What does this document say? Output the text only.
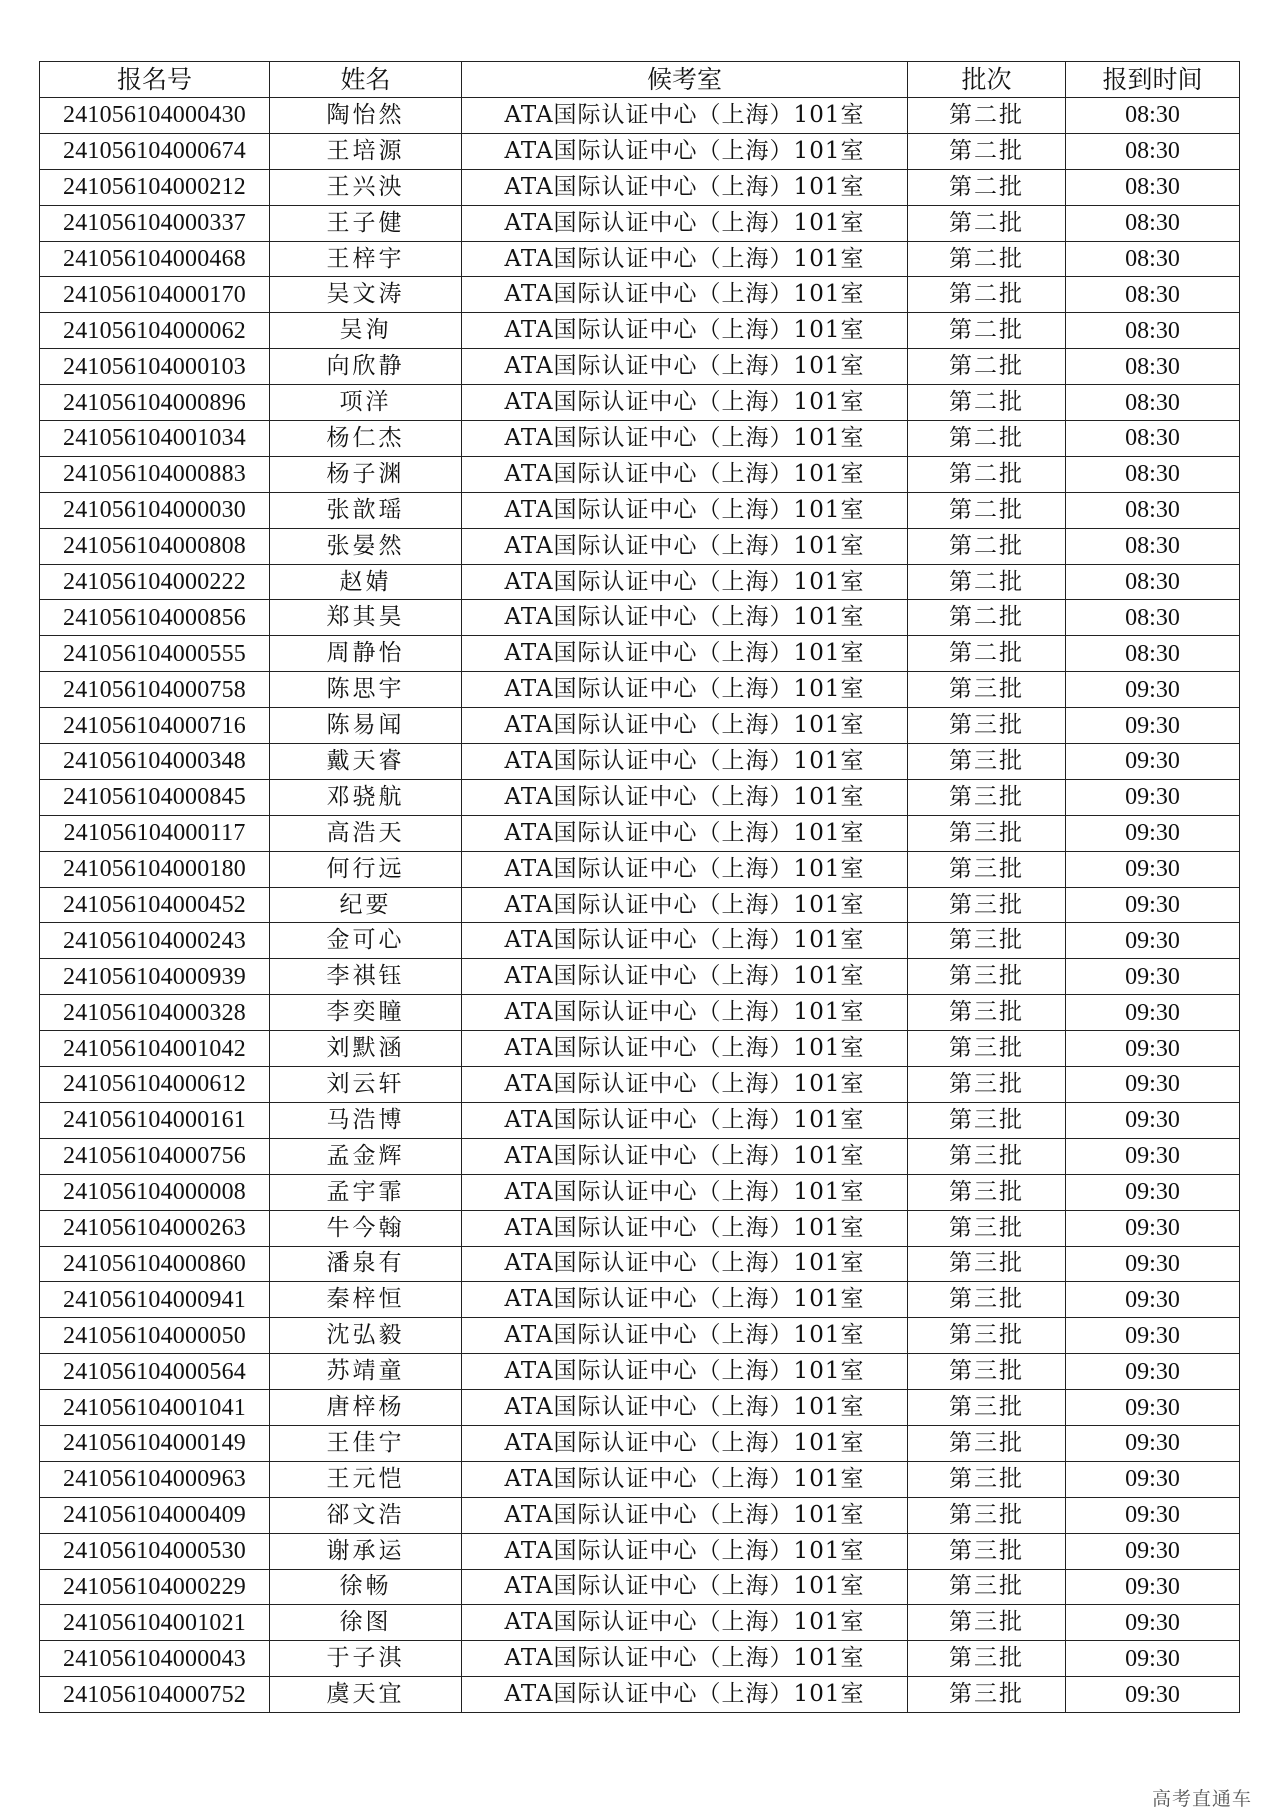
报名号	姓名	候考室	批次	报到时间
241056104000430	陶怡然	ATA国际认证中心（上海）101室	第二批	08:30
241056104000674	王培源	ATA国际认证中心（上海）101室	第二批	08:30
241056104000212	王兴泱	ATA国际认证中心（上海）101室	第二批	08:30
241056104000337	王子健	ATA国际认证中心（上海）101室	第二批	08:30
241056104000468	王梓宇	ATA国际认证中心（上海）101室	第二批	08:30
241056104000170	吴文涛	ATA国际认证中心（上海）101室	第二批	08:30
241056104000062	吴洵	ATA国际认证中心（上海）101室	第二批	08:30
241056104000103	向欣静	ATA国际认证中心（上海）101室	第二批	08:30
241056104000896	项洋	ATA国际认证中心（上海）101室	第二批	08:30
241056104001034	杨仁杰	ATA国际认证中心（上海）101室	第二批	08:30
241056104000883	杨子渊	ATA国际认证中心（上海）101室	第二批	08:30
241056104000030	张歆瑶	ATA国际认证中心（上海）101室	第二批	08:30
241056104000808	张晏然	ATA国际认证中心（上海）101室	第二批	08:30
241056104000222	赵婧	ATA国际认证中心（上海）101室	第二批	08:30
241056104000856	郑其昊	ATA国际认证中心（上海）101室	第二批	08:30
241056104000555	周静怡	ATA国际认证中心（上海）101室	第二批	08:30
241056104000758	陈思宇	ATA国际认证中心（上海）101室	第三批	09:30
241056104000716	陈易闻	ATA国际认证中心（上海）101室	第三批	09:30
241056104000348	戴天睿	ATA国际认证中心（上海）101室	第三批	09:30
241056104000845	邓骁航	ATA国际认证中心（上海）101室	第三批	09:30
241056104000117	高浩天	ATA国际认证中心（上海）101室	第三批	09:30
241056104000180	何行远	ATA国际认证中心（上海）101室	第三批	09:30
241056104000452	纪要	ATA国际认证中心（上海）101室	第三批	09:30
241056104000243	金可心	ATA国际认证中心（上海）101室	第三批	09:30
241056104000939	李祺钰	ATA国际认证中心（上海）101室	第三批	09:30
241056104000328	李奕瞳	ATA国际认证中心（上海）101室	第三批	09:30
241056104001042	刘默涵	ATA国际认证中心（上海）101室	第三批	09:30
241056104000612	刘云轩	ATA国际认证中心（上海）101室	第三批	09:30
241056104000161	马浩博	ATA国际认证中心（上海）101室	第三批	09:30
241056104000756	孟金辉	ATA国际认证中心（上海）101室	第三批	09:30
241056104000008	孟宇霏	ATA国际认证中心（上海）101室	第三批	09:30
241056104000263	牛今翰	ATA国际认证中心（上海）101室	第三批	09:30
241056104000860	潘泉有	ATA国际认证中心（上海）101室	第三批	09:30
241056104000941	秦梓恒	ATA国际认证中心（上海）101室	第三批	09:30
241056104000050	沈弘毅	ATA国际认证中心（上海）101室	第三批	09:30
241056104000564	苏靖童	ATA国际认证中心（上海）101室	第三批	09:30
241056104001041	唐梓杨	ATA国际认证中心（上海）101室	第三批	09:30
241056104000149	王佳宁	ATA国际认证中心（上海）101室	第三批	09:30
241056104000963	王元恺	ATA国际认证中心（上海）101室	第三批	09:30
241056104000409	郤文浩	ATA国际认证中心（上海）101室	第三批	09:30
241056104000530	谢承运	ATA国际认证中心（上海）101室	第三批	09:30
241056104000229	徐畅	ATA国际认证中心（上海）101室	第三批	09:30
241056104001021	徐图	ATA国际认证中心（上海）101室	第三批	09:30
241056104000043	于子淇	ATA国际认证中心（上海）101室	第三批	09:30
241056104000752	虞天宜	ATA国际认证中心（上海）101室	第三批	09:30
高考直通车
